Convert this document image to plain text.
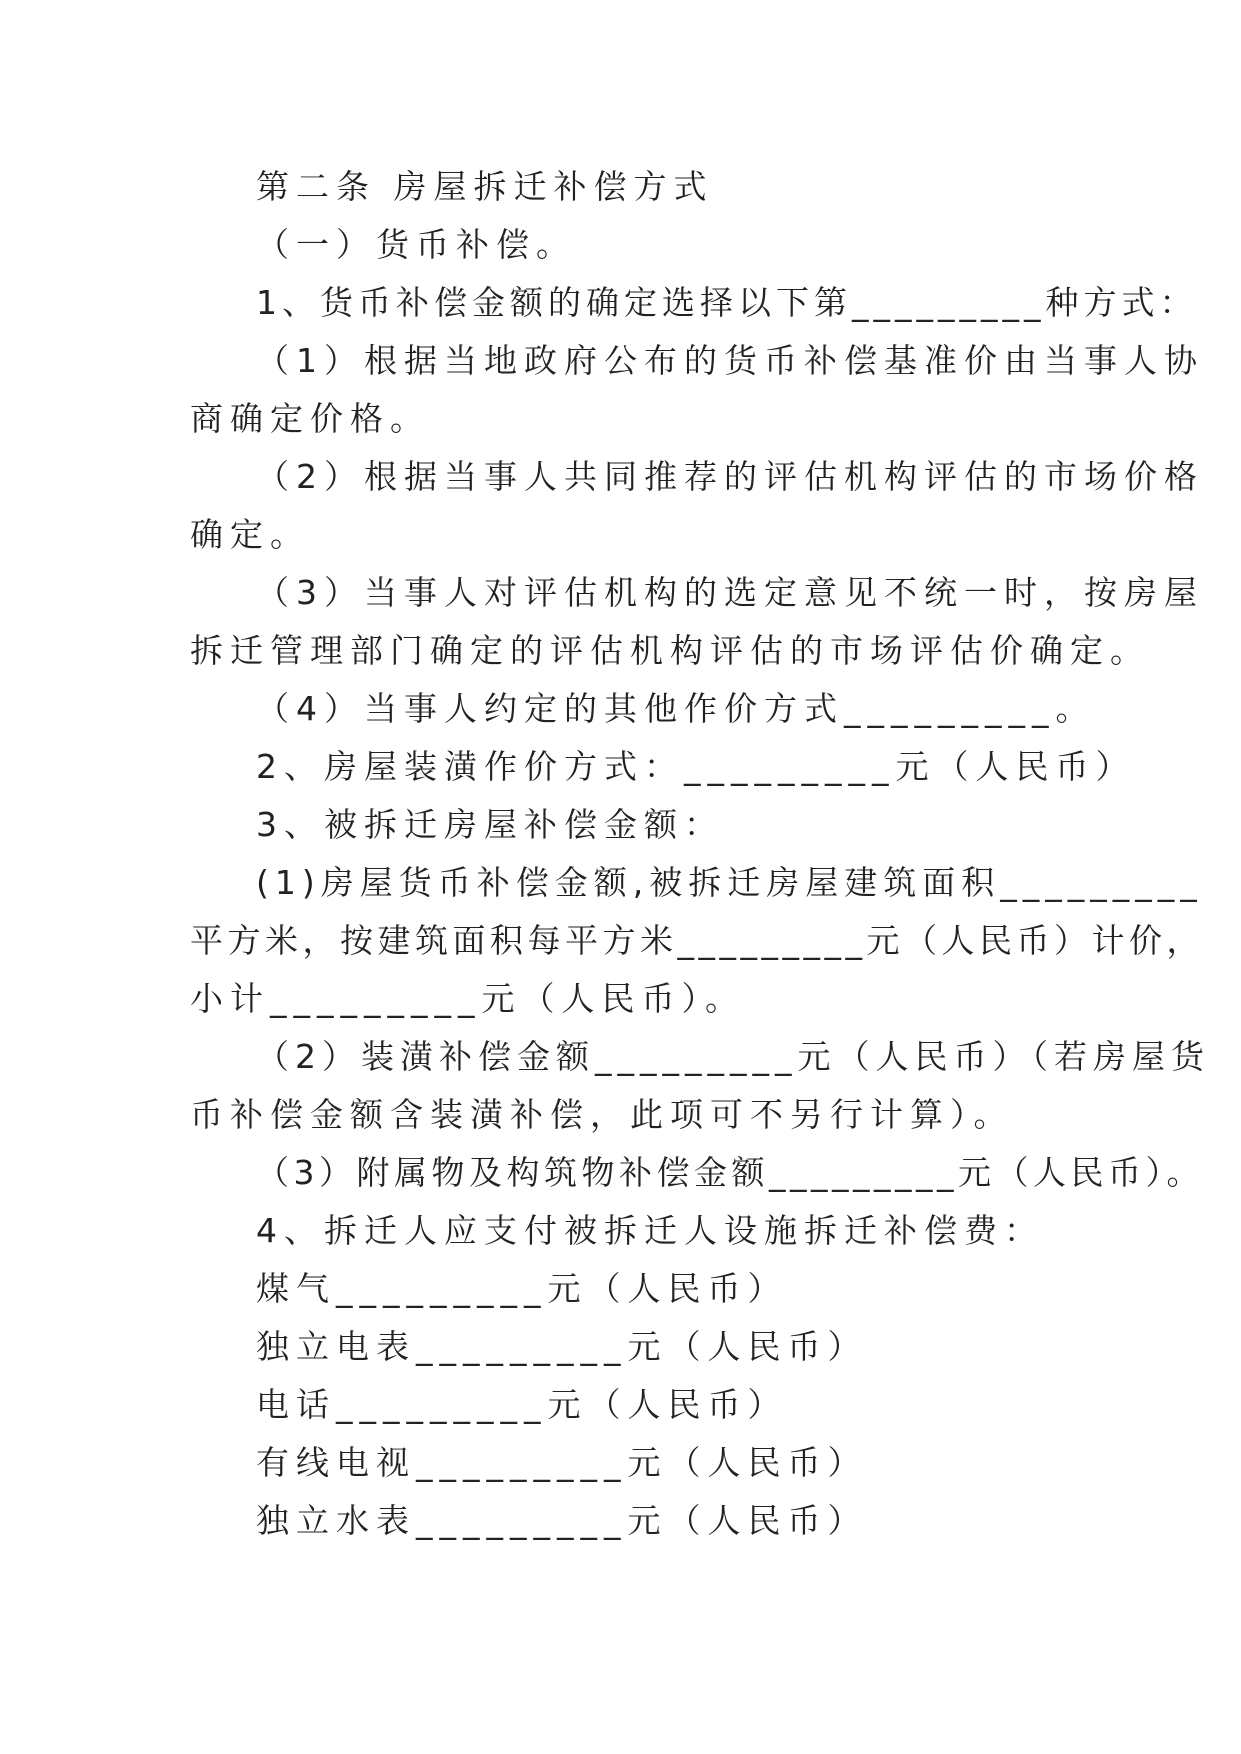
第二条 房屋拆迁补偿方式
（一）货币补偿。
1、货币补偿金额的确定选择以下第_________种方式：
（1）根据当地政府公布的货币补偿基准价由当事人协
商确定价格。
（2）根据当事人共同推荐的评估机构评估的市场价格
确定。
（3）当事人对评估机构的选定意见不统一时，按房屋
拆迁管理部门确定的评估机构评估的市场评估价确定。
（4）当事人约定的其他作价方式_________。
2、房屋装潢作价方式：_________元（人民币）
3、被拆迁房屋补偿金额：
(1)房屋货币补偿金额,被拆迁房屋建筑面积_________
平方米，按建筑面积每平方米_________元（人民币）计价，
小计_________元（人民币）。
（2）装潢补偿金额_________元（人民币）（若房屋货
币补偿金额含装潢补偿，此项可不另行计算）。
（3）附属物及构筑物补偿金额_________元（人民币）。
4、拆迁人应支付被拆迁人设施拆迁补偿费：
煤气_________元（人民币）
独立电表_________元（人民币）
电话_________元（人民币）
有线电视_________元（人民币）
独立水表_________元（人民币）
